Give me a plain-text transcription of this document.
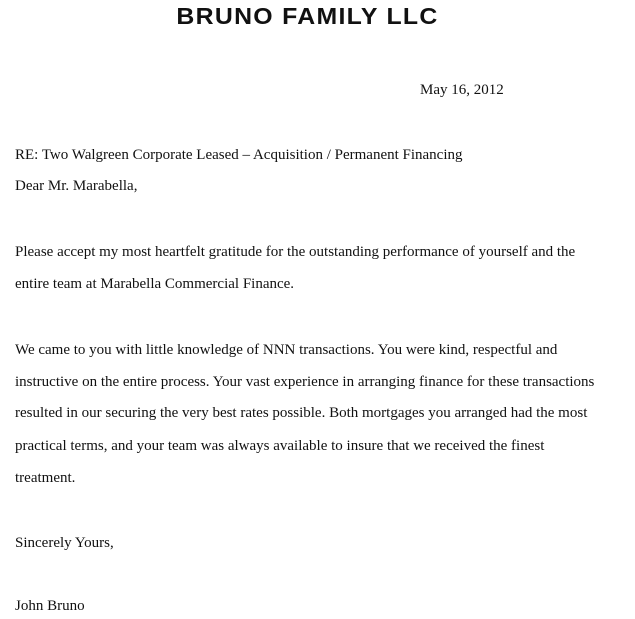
BRUNO FAMILY LLC
May 16, 2012
RE: Two Walgreen Corporate Leased – Acquisition / Permanent Financing
Dear Mr. Marabella,
Please accept my most heartfelt gratitude for the outstanding performance of yourself and the
entire team at Marabella Commercial Finance.
We came to you with little knowledge of NNN transactions. You were kind, respectful and
instructive on the entire process. Your vast experience in arranging finance for these transactions
resulted in our securing the very best rates possible. Both mortgages you arranged had the most
practical terms, and your team was always available to insure that we received the finest
treatment.
Sincerely Yours,
John Bruno
